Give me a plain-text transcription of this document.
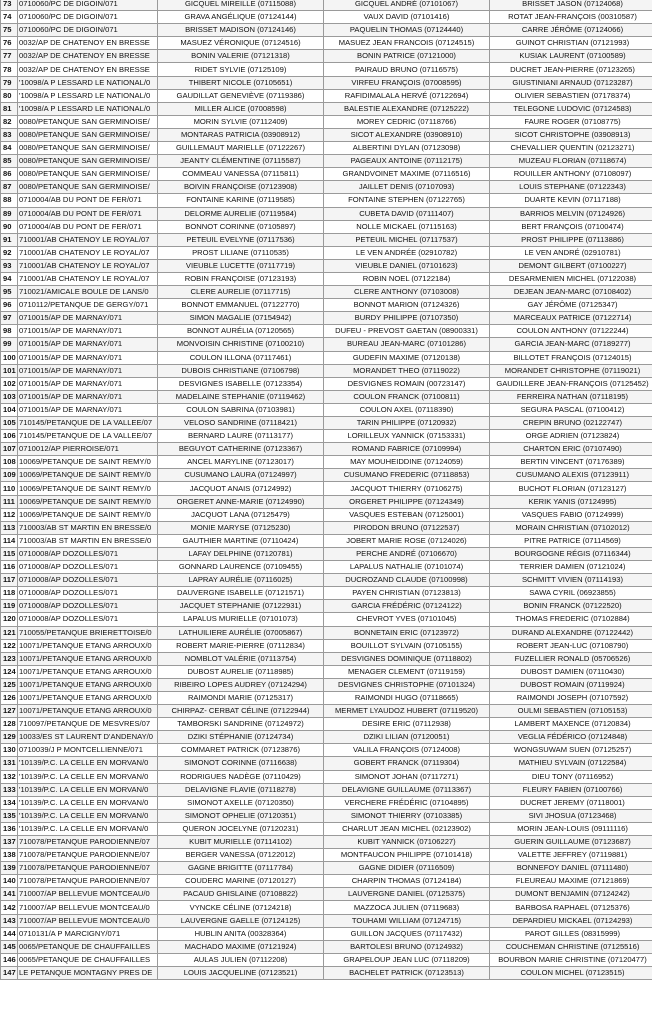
73	0710060/PC DE DIGOIN/071	GICQUEL MIREILLE (07115088)	GICQUEL ANDRÉ (07101067)	BRISSET JASON (07124068)
74	0710060/PC DE DIGOIN/071	GRAVA ANGÉLIQUE (07124144)	VAUX DAVID (07101416)	ROTAT JEAN-FRANÇOIS (00310587)
75	0710060/PC DE DIGOIN/071	BRISSET MADISON (07124146)	PAQUELIN THOMAS (07124440)	CARRE JÉRÔME (07124066)
76	0032/AP DE CHATENOY EN BRESSE	MASUEZ VÉRONIQUE (07124516)	MASUEZ JEAN FRANCOIS (07124515)	GUINOT CHRISTIAN (07121993)
77	0032/AP DE CHATENOY EN BRESSE	BONIN VALERIE (07121318)	BONIN PATRICE (07121000)	KUSIAK LAURENT (07100589)
78	0032/AP DE CHATENOY EN BRESSE	RIDET SYLVIE (07125109)	PAIRAUD BRUNO (07116575)	DUCRET JEAN-PIERRE (07123265)
79	'10098/A P LESSARD LE NATIONAL/0	THIBERT NICOLE (07105651)	VIRFEU FRANÇOIS (07008595)	GIUSTINIANI ARNAUD (07123287)
80	'10098/A P LESSARD LE NATIONAL/0	GAUDILLAT GENEVIÈVE (07119386)	RAFIDIMALALA HERVÉ (07122694)	OLIVIER SEBASTIEN (07178374)
81	'10098/A P LESSARD LE NATIONAL/0	MILLER ALICE (07008598)	BALESTIE ALEXANDRE (07125222)	TELEGONE LUDOVIC (07124583)
82	0080/PETANQUE SAN GERMINOISE/	MORIN SYLVIE (07112409)	MOREY CEDRIC (07118766)	FAURE ROGER (07108775)
83	0080/PETANQUE SAN GERMINOISE/	MONTARAS PATRICIA (03908912)	SICOT ALEXANDRE (03908910)	SICOT CHRISTOPHE (03908913)
84	0080/PETANQUE SAN GERMINOISE/	GUILLEMAUT MARIELLE (07122267)	ALBERTINI DYLAN (07123098)	CHEVALLIER QUENTIN (02123271)
85	0080/PETANQUE SAN GERMINOISE/	JEANTY CLÉMENTINE (07115587)	PAGEAUX ANTOINE (07112175)	MUZEAU FLORIAN (07118674)
86	0080/PETANQUE SAN GERMINOISE/	COMMEAU VANESSA (07115811)	GRANDVOINET MAXIME (07116516)	ROUILLER ANTHONY (07108097)
87	0080/PETANQUE SAN GERMINOISE/	BOIVIN FRANÇOISE (07123908)	JAILLET DENIS (07107093)	LOUIS STEPHANE (07122343)
88	0710004/AB DU PONT DE FER/071	FONTAINE KARINE (07119585)	FONTAINE STEPHEN (07122765)	DUARTE KEVIN (07117188)
89	0710004/AB DU PONT DE FER/071	DELORME AURELIE (07119584)	CUBETA DAVID (07111407)	BARRIOS MELVIN (07124926)
90	0710004/AB DU PONT DE FER/071	BONNOT CORINNE (07105897)	NOLLE MICKAEL (07115163)	BERT FRANÇOIS (07100474)
91	710001/AB CHATENOY LE ROYAL/07	PETEUIL EVELYNE (07117536)	PETEUIL MICHEL (07117537)	PROST PHILIPPE (07113886)
92	710001/AB CHATENOY LE ROYAL/07	PROST LILIANE (07110535)	LE VEN ANDRÉE (02910782)	LE VEN ANDRÉ (02910781)
93	710001/AB CHATENOY LE ROYAL/07	VIEUBLE LUCETTE (07117719)	VIEUBLE DANIEL (07101623)	DEMONT GILBERT (07100227)
94	710001/AB CHATENOY LE ROYAL/07	ROBIN FRANÇOISE (07123193)	ROBIN NOEL (07122184)	DESARMENIEN MICHEL (07122038)
95	710021/AMICALE BOULE DE LANS/0	CLERE AURELIE (07117715)	CLERE ANTHONY (07103008)	DEJEAN JEAN-MARC (07108402)
96	0710112/PETANQUE DE GERGY/071	BONNOT EMMANUEL (07122770)	BONNOT MARION (07124326)	GAY JÉRÔME (07125347)
97	0710015/AP DE MARNAY/071	SIMON MAGALIE (07154942)	BURDY PHILIPPE (07107350)	MARCEAUX PATRICE (07122714)
98	0710015/AP DE MARNAY/071	BONNOT AURÉLIA (07120565)	DUFEU - PREVOST GAETAN (08900331)	COULON ANTHONY (07122244)
99	0710015/AP DE MARNAY/071	MONVOISIN CHRISTINE (07100210)	BUREAU JEAN-MARC (07101286)	GARCIA JEAN-MARC (07189277)
100	0710015/AP DE MARNAY/071	COULON ILLONA (07117461)	GUDEFIN MAXIME (07120138)	BILLOTET FRANÇOIS (07124015)
101	0710015/AP DE MARNAY/071	DUBOIS CHRISTIANE (07106798)	MORANDET THEO (07119022)	MORANDET CHRISTOPHE (07119021)
102	0710015/AP DE MARNAY/071	DESVIGNES ISABELLE (07123354)	DESVIGNES ROMAIN (00723147)	GAUDILLERE JEAN-FRANÇOIS (07125452)
103	0710015/AP DE MARNAY/071	MADELAINE STEPHANIE (07119462)	COULON FRANCK (07100811)	FERREIRA NATHAN (07118195)
104	0710015/AP DE MARNAY/071	COULON SABRINA (07103981)	COULON AXEL (07118390)	SEGURA PASCAL (07100412)
105	710145/PETANQUE DE LA VALLEE/07	VELOSO SANDRINE (07118421)	TARIN PHILIPPE (07120932)	CREPIN BRUNO (02122747)
106	710145/PETANQUE DE LA VALLEE/07	BERNARD LAURE (07113177)	LORILLEUX YANNICK (07153331)	ORGE ADRIEN (07123824)
107	0710012/AP PIERROISE/071	BEGUYOT CATHERINE (07123367)	ROMAND FABRICE (07109994)	CHARTON ERIC (07107490)
108	10069/PETANQUE DE SAINT REMY/0	ANCEL MARYLINE (07123017)	MAY MOUHEIDDINE (07124059)	BERTIN VINCENT (07176389)
109	10069/PETANQUE DE SAINT REMY/0	CUSUMANO LAURA (07124997)	CUSUMANO FREDERIC (07118853)	CUSUMANO ALEXIS (07123911)
110	10069/PETANQUE DE SAINT REMY/0	JACQUOT ANAIS (07124992)	JACQUOT THIERRY (07106275)	BUCHOT FLORIAN (07123127)
111	10069/PETANQUE DE SAINT REMY/0	ORGERET ANNE-MARIE (07124990)	ORGERET PHILIPPE (07124349)	KERIK YANIS (07124995)
112	10069/PETANQUE DE SAINT REMY/0	JACQUOT LANA (07125479)	VASQUES ESTEBAN (07125001)	VASQUES FABIO (07124999)
113	710003/AB ST MARTIN EN BRESSE/0	MONIE MARYSE (07125230)	PIRODON BRUNO (07122537)	MORAIN CHRISTIAN (07102012)
114	710003/AB ST MARTIN EN BRESSE/0	GAUTHIER MARTINE (07110424)	JOBERT MARIE ROSE (07124026)	PITRE PATRICE (07114569)
115	0710008/AP DOZOLLES/071	LAFAY DELPHINE (07120781)	PERCHE ANDRÉ (07106670)	BOURGOGNE RÉGIS (07116344)
116	0710008/AP DOZOLLES/071	GONNARD LAURENCE (07109455)	LAPALUS NATHALIE (07101074)	TERRIER DAMIEN (07121024)
117	0710008/AP DOZOLLES/071	LAPRAY AURÉLIE (07116025)	DUCROZAND CLAUDE (07100998)	SCHMITT VIVIEN (07114193)
118	0710008/AP DOZOLLES/071	DAUVERGNE ISABELLE (07121571)	PAYEN CHRISTIAN (07123813)	SAWA CYRIL (06923855)
119	0710008/AP DOZOLLES/071	JACQUET STEPHANIE (07122931)	GARCIA FRÉDÉRIC (07124122)	BONIN FRANCK (07122520)
120	0710008/AP DOZOLLES/071	LAPALUS MURIELLE (07101073)	CHEVROT YVES (07101045)	THOMAS FREDERIC (07102884)
121	710055/PETANQUE BRIERETTOISE/0	LATHUILIERE AURÉLIE (07005867)	BONNETAIN ERIC (07123972)	DURAND ALEXANDRE (07122442)
122	10071/PETANQUE ETANG ARROUX/0	ROBERT MARIE-PIERRE (07112834)	BOUILLOT SYLVAIN (07105155)	ROBERT JEAN-LUC (07108790)
123	10071/PETANQUE ETANG ARROUX/0	NOMBLOT VALÉRIE (07113754)	DESVIGNES DOMINIQUE (07118802)	FUZELLIER RONALD (05706526)
124	10071/PETANQUE ETANG ARROUX/0	DUBOST AURELIE (07118985)	MENAGER CLEMENT (07119159)	DUBOST DAMIEN (07110430)
125	10071/PETANQUE ETANG ARROUX/0	RIBEIRO LOPES AUDREY (07124294)	DESVIGNES CHRISTOPHE (07101324)	DUBOST ROMAIN (07119924)
126	10071/PETANQUE ETANG ARROUX/0	RAIMONDI MARIE (07125317)	RAIMONDI HUGO (07118665)	RAIMONDI JOSEPH (07107592)
127	10071/PETANQUE ETANG ARROUX/0	CHIRPAZ- CERBAT CÉLINE (07122944)	MERMET LYAUDOZ HUBERT (07119520)	OULMI SEBASTIEN (07105153)
128	710097/PETANQUE DE MESVRES/07	TAMBORSKI SANDRINE (07124972)	DESIRE ERIC (07112938)	LAMBERT MAXENCE (07120834)
129	10033/ES ST LAURENT D'ANDENAY/0	DZIKI STÉPHANIE (07124734)	DZIKI LILIAN (07120051)	VEGLIA FÉDÉRICO (07124848)
130	0710039/J P MONTCELLIENNE/071	COMMARET PATRICK (07123876)	VALILA FRANÇOIS (07124008)	WONGSUWAM SUEN (07125257)
131	'10139/P.C. LA CELLE EN MORVAN/0	SIMONOT CORINNE (07116638)	GOBERT FRANCK (07119304)	MATHIEU SYLVAIN (07122584)
132	'10139/P.C. LA CELLE EN MORVAN/0	RODRIGUES NADÈGE (07110429)	SIMONOT JOHAN (07117271)	DIEU TONY (07116952)
133	'10139/P.C. LA CELLE EN MORVAN/0	DELAVIGNE FLAVIE (07118278)	DELAVIGNE GUILLAUME (07113367)	FLEURY FABIEN (07100766)
134	'10139/P.C. LA CELLE EN MORVAN/0	SIMONOT AXELLE (07120350)	VERCHERE FRÉDÉRIC (07104895)	DUCRET JEREMY (07118001)
135	'10139/P.C. LA CELLE EN MORVAN/0	SIMONOT OPHELIE (07120351)	SIMONOT THIERRY (07103385)	SIVI JHOSUA (07123468)
136	'10139/P.C. LA CELLE EN MORVAN/0	QUERON JOCELYNE (07120231)	CHARLUT JEAN MICHEL (02123902)	MORIN JEAN-LOUIS (09111116)
137	710078/PETANQUE PARODIENNE/07	KUBIT MURIELLE (07114102)	KUBIT YANNICK (07106227)	GUERIN GUILLAUME (07123687)
138	710078/PETANQUE PARODIENNE/07	BERGER VANESSA (07122012)	MONTFAUCON PHILIPPE (07101418)	VALETTE JEFFREY (07119881)
139	710078/PETANQUE PARODIENNE/07	GAGNE BRIGITTE (07117784)	GAGNE DIDIER (07116509)	BONNEFOY DANIEL (07111480)
140	710078/PETANQUE PARODIENNE/07	COUDERC MARINE (07120127)	CHARPIN THOMAS (07124184)	FLEUREAU MAXIME (07121869)
141	710007/AP BELLEVUE MONTCEAU/0	PACAUD GHISLAINE (07108822)	LAUVERGNE DANIEL (07125375)	DUMONT BENJAMIN (07124242)
142	710007/AP BELLEVUE MONTCEAU/0	VYNCKE CÉLINE (07124218)	MAZZOCA JULIEN (07119683)	BARBOSA RAPHAEL (07125376)
143	710007/AP BELLEVUE MONTCEAU/0	LAUVERGNE GAELLE (07124125)	TOUHAMI WILLIAM (07124715)	DEPARDIEU MICKAEL (07124293)
144	0710131/A P MARCIGNY/071	HUBLIN ANITA (00328364)	GUILLON JACQUES (07117432)	PAROT GILLES (08315999)
145	0065/PETANQUE DE CHAUFFAILLES	MACHADO MAXIME (07121924)	BARTOLESI BRUNO (07124932)	COUCHEMAN CHRISTINE (07125516)
146	0065/PETANQUE DE CHAUFFAILLES	AULAS JULIEN (07112208)	GRAPELOUP JEAN LUC (07118209)	BOURBON MARIE CHRISTINE (07120477)
147	LE PETANQUE MONTAGNY PRES DE	LOUIS JACQUELINE (07123521)	BACHELET PATRICK (07123513)	COULON MICHEL (07123515)
